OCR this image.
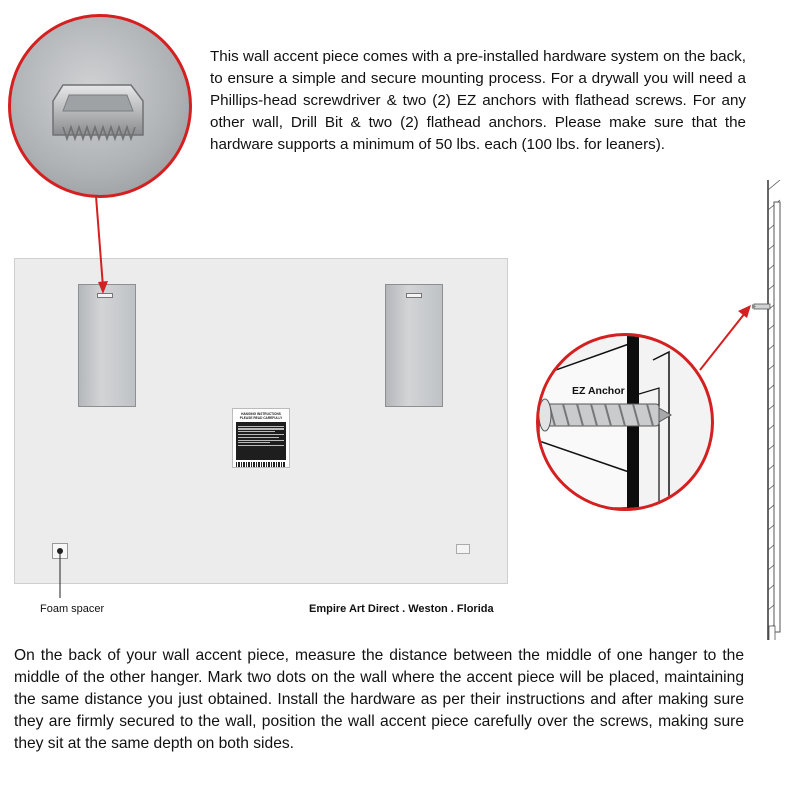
This wall accent piece comes with a pre-installed hardware system on the back, to ensure a simple and secure mounting process. For a drywall you will need a Phillips-head screwdriver & two (2) EZ anchors with flathead screws. For any other wall, Drill Bit & two (2) flathead anchors. Please make sure that the hardware supports a minimum of 50 lbs. each (100 lbs. for leaners).

HANGING INSTRUCTIONS
PLEASE READ CAREFULLY
Foam spacer	Empire Art Direct . Weston . Florida
EZ Anchor

On the back of your wall accent piece, measure the distance between the middle of one hanger to the middle of the other hanger. Mark two dots on the wall where the accent piece will be placed, maintaining the same distance you just obtained. Install the hardware as per their instructions and after making sure they are firmly secured to the wall, position the wall accent piece carefully over the screws, making sure they sit at the same depth on both sides.
